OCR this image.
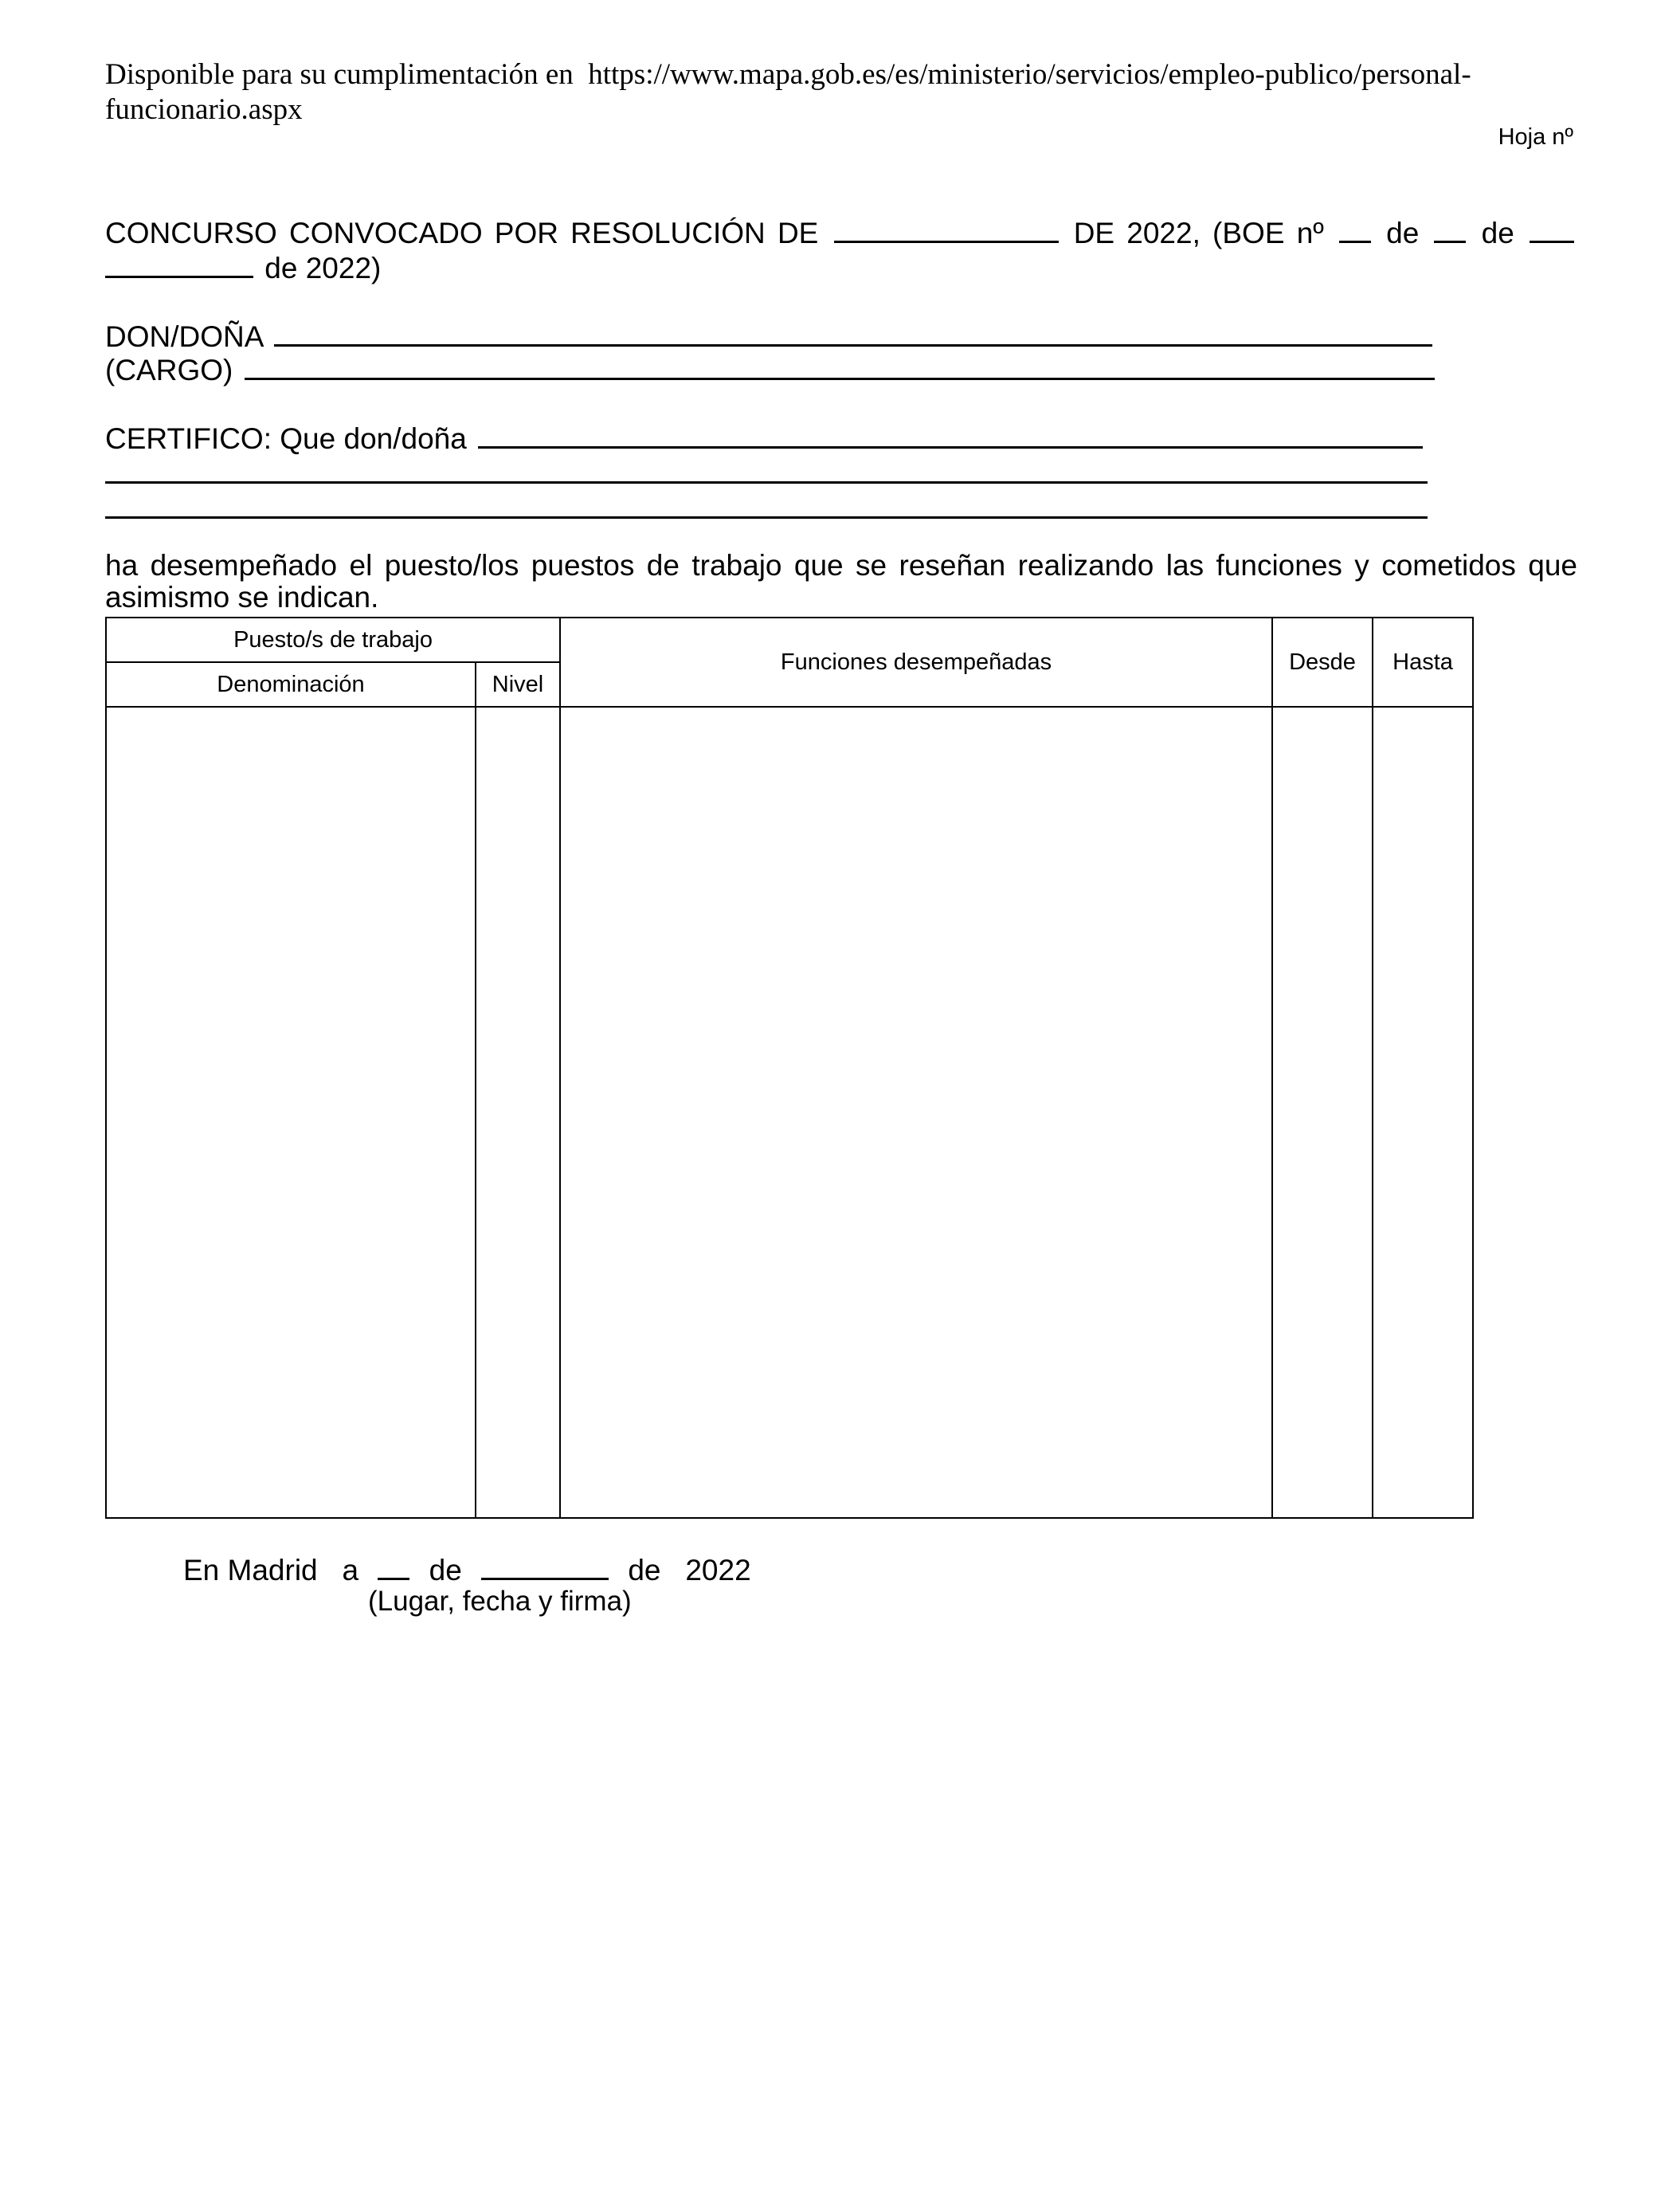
Disponible para su cumplimentación en https://www.mapa.gob.es/es/ministerio/servicios/empleo-publico/personal-
funcionario.aspx
Hoja nº
CONCURSO CONVOCADO POR RESOLUCIÓN DE	DE 2022, (BOE nº de de
de 2022)
DON/DOÑA
(CARGO)
CERTIFICO: Que don/doña
ha desempeñado el puesto/los puestos de trabajo que se reseñan realizando las funciones y cometidos que asimismo se indican.
Puesto/s de trabajo		Funciones desempeñadas	Desde	Hasta
Denominación	Nivel			

En Madrid a de	de 2022
(Lugar, fecha y firma)
